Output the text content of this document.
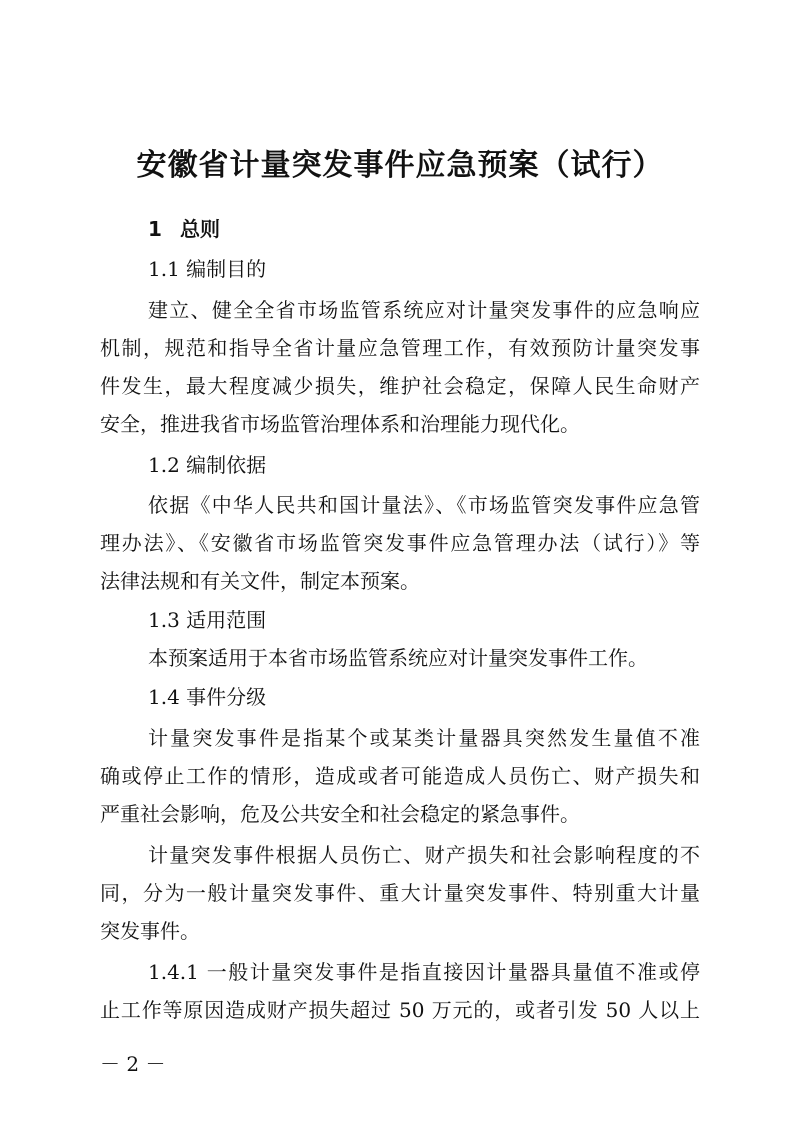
安徽省计量突发事件应急预案（试行）
1 总则
1.1 编制目的
建立、健全全省市场监管系统应对计量突发事件的应急响应
机制，规范和指导全省计量应急管理工作，有效预防计量突发事
件发生，最大程度减少损失，维护社会稳定，保障人民生命财产
安全，推进我省市场监管治理体系和治理能力现代化。
1.2 编制依据
依据《中华人民共和国计量法》、《市场监管突发事件应急管
理办法》、《安徽省市场监管突发事件应急管理办法（试行）》等
法律法规和有关文件，制定本预案。
1.3 适用范围
本预案适用于本省市场监管系统应对计量突发事件工作。
1.4 事件分级
计量突发事件是指某个或某类计量器具突然发生量值不准
确或停止工作的情形，造成或者可能造成人员伤亡、财产损失和
严重社会影响，危及公共安全和社会稳定的紧急事件。
计量突发事件根据人员伤亡、财产损失和社会影响程度的不
同，分为一般计量突发事件、重大计量突发事件、特别重大计量
突发事件。
1.4.1 一般计量突发事件是指直接因计量器具量值不准或停
止工作等原因造成财产损失超过 50 万元的，或者引发 50 人以上
－ 2 －
